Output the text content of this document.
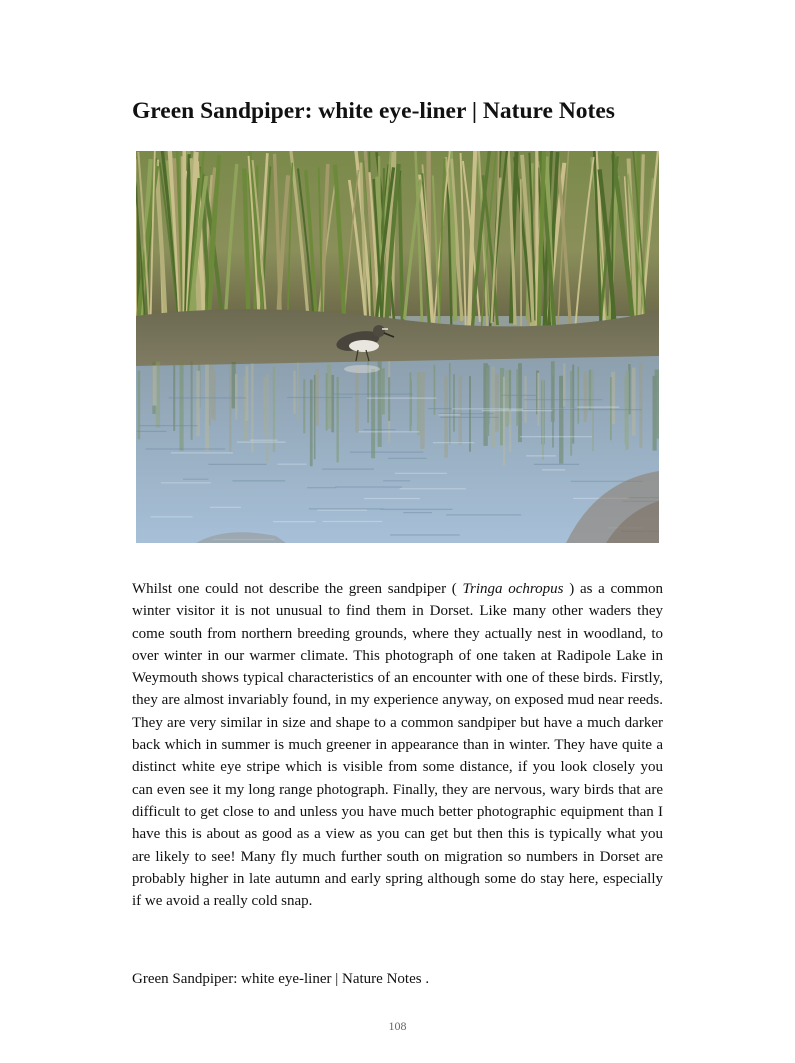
Green Sandpiper: white eye-liner | Nature Notes

Whilst one could not describe the green sandpiper ( Tringa ochropus ) as a common winter visitor it is not unusual to find them in Dorset. Like many other waders they come south from northern breeding grounds, where they actually nest in woodland, to over winter in our warmer climate. This photograph of one taken at Radipole Lake in Weymouth shows typical characteristics of an encounter with one of these birds. Firstly, they are almost invariably found, in my experience anyway, on exposed mud near reeds. They are very similar in size and shape to a common sandpiper but have a much darker back which in summer is much greener in appearance than in winter. They have quite a distinct white eye stripe which is visible from some distance, if you look closely you can even see it my long range photograph. Finally, they are nervous, wary birds that are difficult to get close to and unless you have much better photographic equipment than I have this is about as good as a view as you can get but then this is typically what you are likely to see! Many fly much further south on migration so numbers in Dorset are probably higher in late autumn and early spring although some do stay here, especially if we avoid a really cold snap.

Green Sandpiper: white eye-liner | Nature Notes .

108
